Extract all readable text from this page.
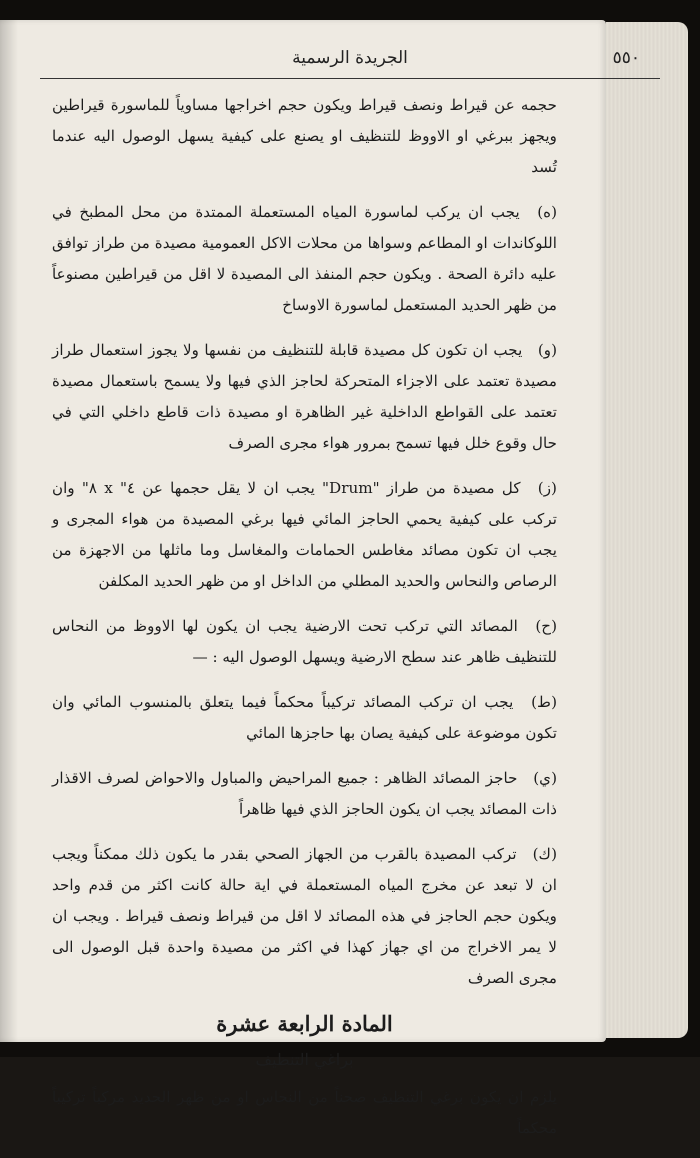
٥٥٠
الجريدة الرسمية

حجمه عن قيراط ونصف قيراط ويكون حجم اخراجها مساوياً للماسورة قيراطين ويجهز ببرغي او الاووظ للتنظيف او يصنع على كيفية يسهل الوصول اليه عندما تُسد

(ه) يجب ان يركب لماسورة المياه المستعملة الممتدة من محل المطبخ في اللوكاندات او المطاعم وسواها من محلات الاكل العمومية مصيدة من طراز توافق عليه دائرة الصحة . ويكون حجم المنفذ الى المصيدة لا اقل من قيراطين مصنوعاً من ظهر الحديد المستعمل لماسورة الاوساخ

(و) يجب ان تكون كل مصيدة قابلة للتنظيف من نفسها ولا يجوز استعمال طراز مصيدة تعتمد على الاجزاء المتحركة لحاجز الذي فيها ولا يسمح باستعمال مصيدة تعتمد على القواطع الداخلية غير الظاهرة او مصيدة ذات قاطع داخلي التي في حال وقوع خلل فيها تسمح بمرور هواء مجرى الصرف

(ز) كل مصيدة من طراز "Drum" يجب ان لا يقل حجمها عن ٤" x ٨" وان تركب على كيفية يحمي الحاجز المائي فيها برغي المصيدة من هواء المجرى و يجب ان تكون مصائد مغاطس الحمامات والمغاسل وما ماثلها من الاجهزة من الرصاص والنحاس والحديد المطلي من الداخل او من ظهر الحديد المكلفن

(ح) المصائد التي تركب تحت الارضية يجب ان يكون لها الاووظ من النحاس للتنظيف ظاهر عند سطح الارضية ويسهل الوصول اليه : —

(ط) يجب ان تركب المصائد تركيباً محكماً فيما يتعلق بالمنسوب المائي وان تكون موضوعة على كيفية يصان بها حاجزها المائي

(ي) حاجز المصائد الظاهر : جميع المراحيض والمباول والاحواض لصرف الاقذار ذات المصائد يجب ان يكون الحاجز الذي فيها ظاهراً

(ك) تركب المصيدة بالقرب من الجهاز الصحي بقدر ما يكون ذلك ممكناً ويجب ان لا تبعد عن مخرج المياه المستعملة في اية حالة كانت اكثر من قدم واحد ويكون حجم الحاجز في هذه المصائد لا اقل من قيراط ونصف قيراط . ويجب ان لا يمر الاخراج من اي جهاز كهذا في اكثر من مصيدة واحدة قبل الوصول الى مجرى الصرف

المادة الرابعة عشرة
براغي التنظيف

يلزم ان يكون برغي التنظيف صحناً من النحاس او من ظهر الحديد مركباً تركيباً محكماً
